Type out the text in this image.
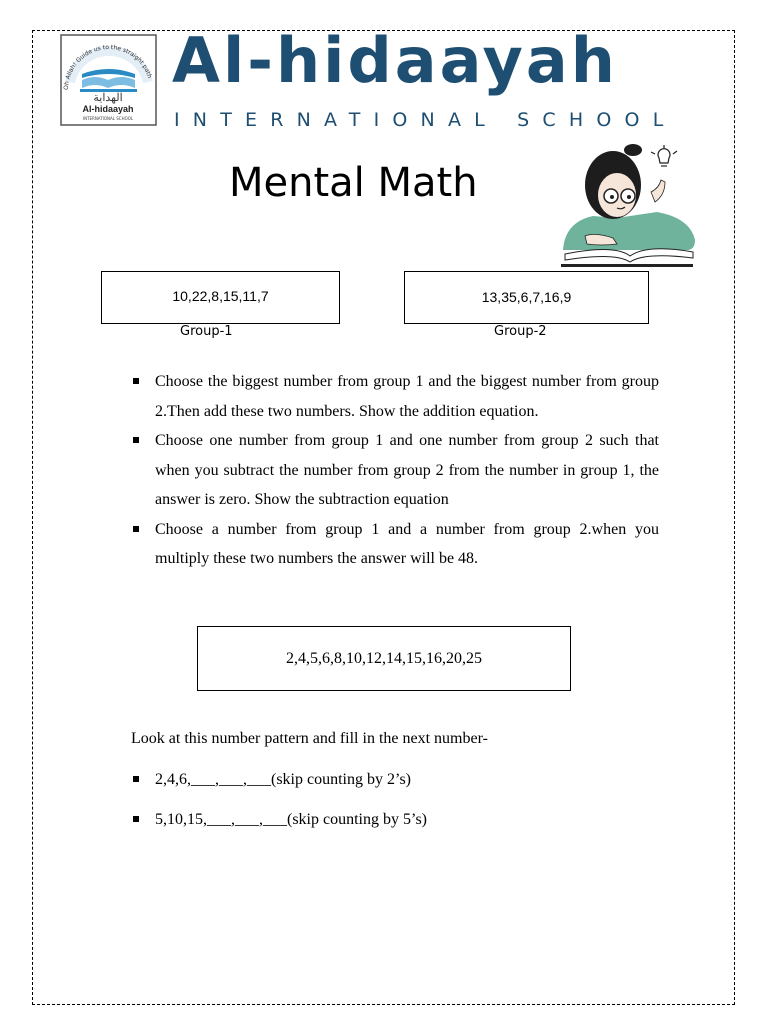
Oh Allah! Guide us to the straight path
الهداية
Al-hidaayah
INTERNATIONAL SCHOOL
Al-hidaayah
INTERNATIONAL SCHOOL
Mental Math
10,22,8,15,11,7	13,35,6,7,16,9
Group-1	Group-2
Choose the biggest number from group 1 and the biggest number from group 2.Then add these two numbers. Show the addition equation.
Choose one number from group 1 and one number from group 2 such that when you subtract the number from group 2 from the number in group 1, the answer is zero. Show the subtraction equation
Choose a number from group 1 and a number from group 2.when you multiply these two numbers the answer will be 48.
2,4,5,6,8,10,12,14,15,16,20,25
Look at this number pattern and fill in the next number-
2,4,6,___,___,___(skip counting by 2’s)
5,10,15,___,___,___(skip counting by 5’s)
